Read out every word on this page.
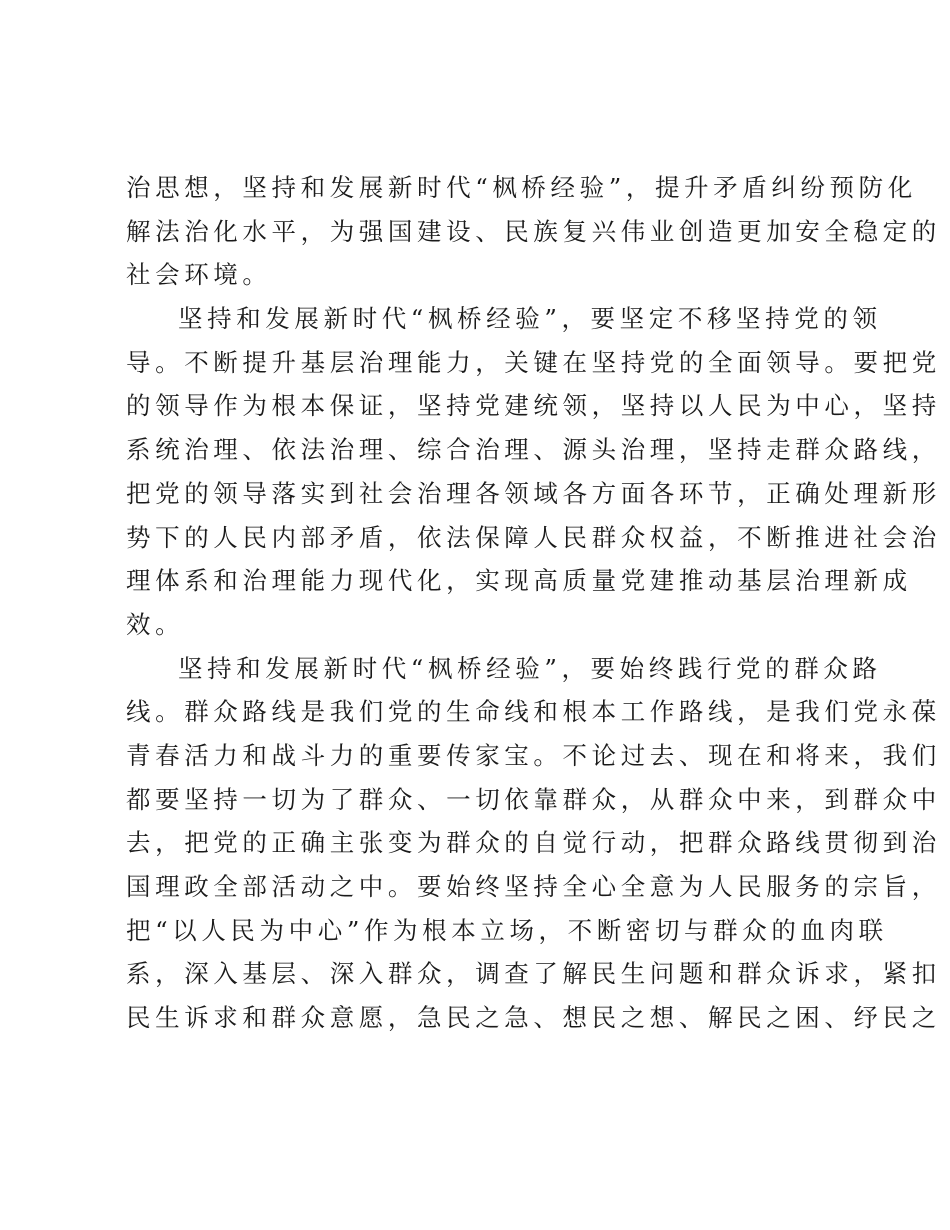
治思想，坚持和发展新时代“枫桥经验”，提升矛盾纠纷预防化
解法治化水平，为强国建设、民族复兴伟业创造更加安全稳定的
社会环境。
坚持和发展新时代“枫桥经验”，要坚定不移坚持党的领
导。不断提升基层治理能力，关键在坚持党的全面领导。要把党
的领导作为根本保证，坚持党建统领，坚持以人民为中心，坚持
系统治理、依法治理、综合治理、源头治理，坚持走群众路线，
把党的领导落实到社会治理各领域各方面各环节，正确处理新形
势下的人民内部矛盾，依法保障人民群众权益，不断推进社会治
理体系和治理能力现代化，实现高质量党建推动基层治理新成
效。
坚持和发展新时代“枫桥经验”，要始终践行党的群众路
线。群众路线是我们党的生命线和根本工作路线，是我们党永葆
青春活力和战斗力的重要传家宝。不论过去、现在和将来，我们
都要坚持一切为了群众、一切依靠群众，从群众中来，到群众中
去，把党的正确主张变为群众的自觉行动，把群众路线贯彻到治
国理政全部活动之中。要始终坚持全心全意为人民服务的宗旨，
把“以人民为中心”作为根本立场，不断密切与群众的血肉联
系，深入基层、深入群众，调查了解民生问题和群众诉求，紧扣
民生诉求和群众意愿，急民之急、想民之想、解民之困、纾民之
